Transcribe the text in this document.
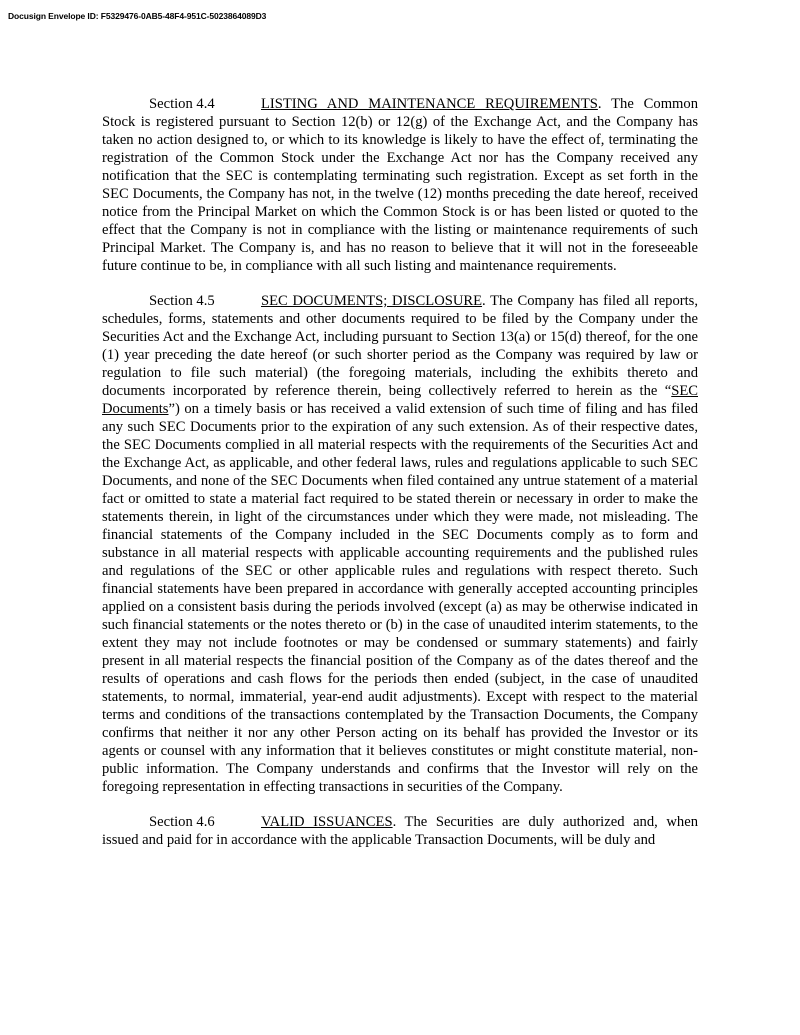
Docusign Envelope ID: F5329476-0AB5-48F4-951C-5023864089D3

Section 4.4	LISTING AND MAINTENANCE REQUIREMENTS. The Common Stock is registered pursuant to Section 12(b) or 12(g) of the Exchange Act, and the Company has taken no action designed to, or which to its knowledge is likely to have the effect of, terminating the registration of the Common Stock under the Exchange Act nor has the Company received any notification that the SEC is contemplating terminating such registration. Except as set forth in the SEC Documents, the Company has not, in the twelve (12) months preceding the date hereof, received notice from the Principal Market on which the Common Stock is or has been listed or quoted to the effect that the Company is not in compliance with the listing or maintenance requirements of such Principal Market. The Company is, and has no reason to believe that it will not in the foreseeable future continue to be, in compliance with all such listing and maintenance requirements.

Section 4.5	SEC DOCUMENTS; DISCLOSURE. The Company has filed all reports, schedules, forms, statements and other documents required to be filed by the Company under the Securities Act and the Exchange Act, including pursuant to Section 13(a) or 15(d) thereof, for the one (1) year preceding the date hereof (or such shorter period as the Company was required by law or regulation to file such material) (the foregoing materials, including the exhibits thereto and documents incorporated by reference therein, being collectively referred to herein as the “SEC Documents”) on a timely basis or has received a valid extension of such time of filing and has filed any such SEC Documents prior to the expiration of any such extension. As of their respective dates, the SEC Documents complied in all material respects with the requirements of the Securities Act and the Exchange Act, as applicable, and other federal laws, rules and regulations applicable to such SEC Documents, and none of the SEC Documents when filed contained any untrue statement of a material fact or omitted to state a material fact required to be stated therein or necessary in order to make the statements therein, in light of the circumstances under which they were made, not misleading. The financial statements of the Company included in the SEC Documents comply as to form and substance in all material respects with applicable accounting requirements and the published rules and regulations of the SEC or other applicable rules and regulations with respect thereto. Such financial statements have been prepared in accordance with generally accepted accounting principles applied on a consistent basis during the periods involved (except (a) as may be otherwise indicated in such financial statements or the notes thereto or (b) in the case of unaudited interim statements, to the extent they may not include footnotes or may be condensed or summary statements) and fairly present in all material respects the financial position of the Company as of the dates thereof and the results of operations and cash flows for the periods then ended (subject, in the case of unaudited statements, to normal, immaterial, year-end audit adjustments). Except with respect to the material terms and conditions of the transactions contemplated by the Transaction Documents, the Company confirms that neither it nor any other Person acting on its behalf has provided the Investor or its agents or counsel with any information that it believes constitutes or might constitute material, non-public information. The Company understands and confirms that the Investor will rely on the foregoing representation in effecting transactions in securities of the Company.

Section 4.6	VALID ISSUANCES. The Securities are duly authorized and, when issued and paid for in accordance with the applicable Transaction Documents, will be duly and
